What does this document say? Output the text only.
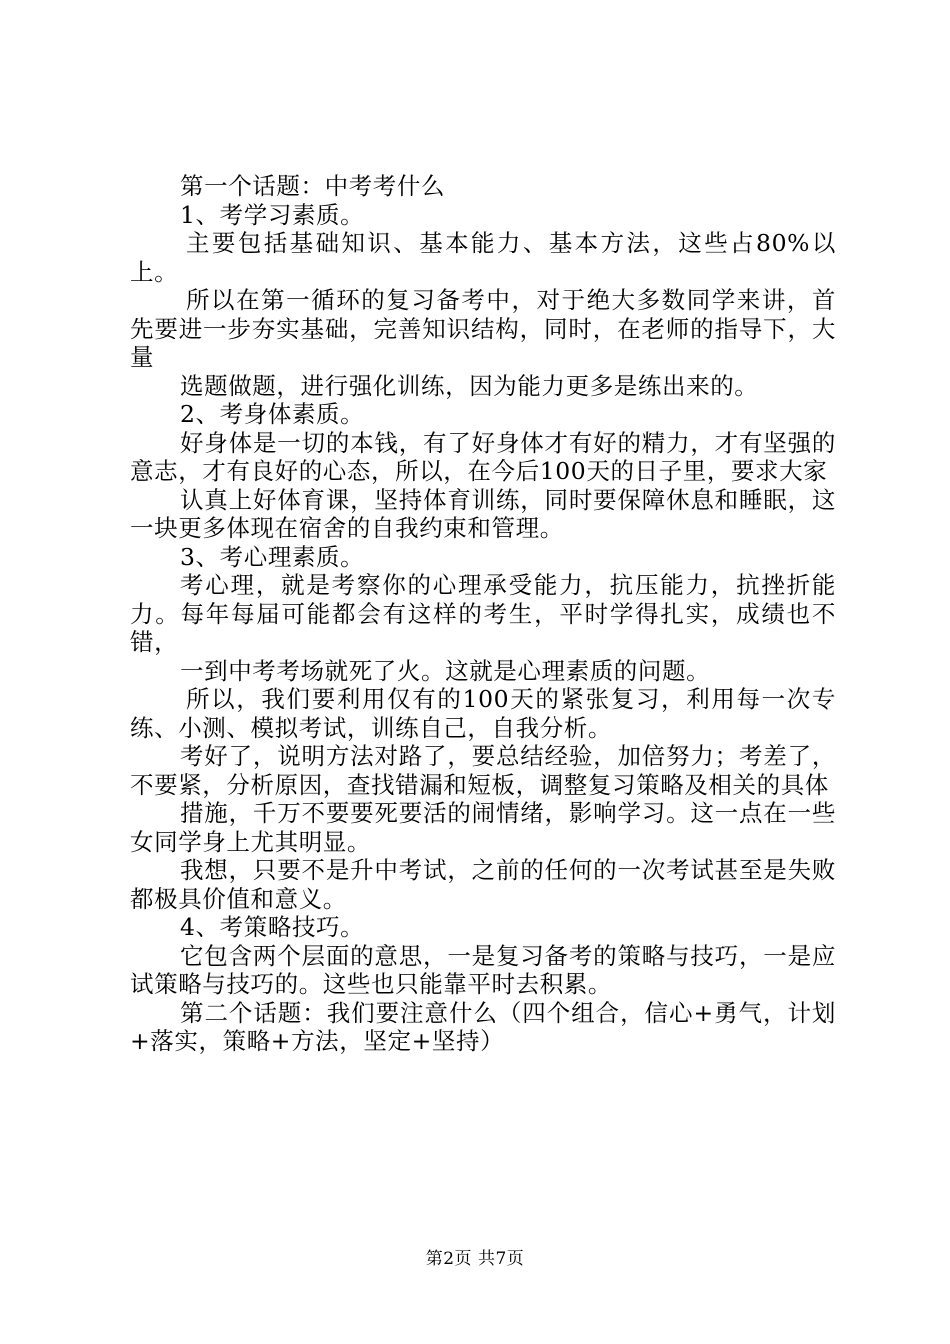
第一个话题：中考考什么

1、考学习素质。

主要包括基础知识、基本能力、基本方法，这些占80%以上。

所以在第一循环的复习备考中，对于绝大多数同学来讲，首先要进一步夯实基础，完善知识结构，同时，在老师的指导下，大量

选题做题，进行强化训练，因为能力更多是练出来的。

2、考身体素质。

好身体是一切的本钱，有了好身体才有好的精力，才有坚强的意志，才有良好的心态，所以，在今后100天的日子里，要求大家

认真上好体育课，坚持体育训练，同时要保障休息和睡眠，这一块更多体现在宿舍的自我约束和管理。

3、考心理素质。

考心理，就是考察你的心理承受能力，抗压能力，抗挫折能力。每年每届可能都会有这样的考生，平时学得扎实，成绩也不错，

一到中考考场就死了火。这就是心理素质的问题。

所以，我们要利用仅有的100天的紧张复习，利用每一次专练、小测、模拟考试，训练自己，自我分析。

考好了，说明方法对路了，要总结经验，加倍努力；考差了，不要紧，分析原因，查找错漏和短板，调整复习策略及相关的具体

措施，千万不要要死要活的闹情绪，影响学习。这一点在一些女同学身上尤其明显。

我想，只要不是升中考试，之前的任何的一次考试甚至是失败都极具价值和意义。

4、考策略技巧。

它包含两个层面的意思，一是复习备考的策略与技巧，一是应试策略与技巧的。这些也只能靠平时去积累。

第二个话题：我们要注意什么（四个组合，信心+勇气，计划+落实，策略+方法，坚定+坚持）

第2页 共7页
